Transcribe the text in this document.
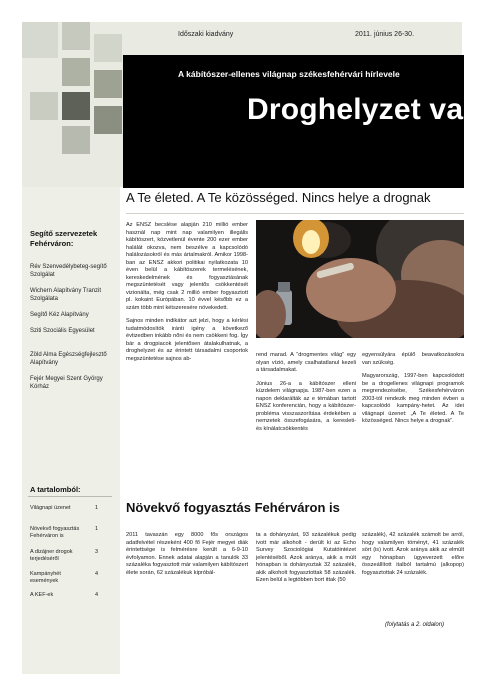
Időszaki kiadvány	2011. június 26-30.
A kábítószer-ellenes világnap székesfehérvári hírlevele
Droghelyzet van
Segítő szervezetek Fehérváron:
Rév Szenvedélybeteg-segítő Szolgálat
Wichern Alapítvány Tranzit Szolgálata
Segítő Kéz Alapítvány
Sziti Szociális Egyesület
Zöld Alma Egészségfejlesztő Alapítvány
Fejér Megyei Szent György Kórház
A tartalomból:
Világnapi üzenet	1
Növekvő fogyasztás Fehérváron is
1
A dizájner drogok terjedéséről
3
Kampányhét események
4
A KEF-ek	4
A Te életed. A Te közösséged. Nincs helye a drognak

Az ENSZ becslése alapján 210 millió ember használ nap mint nap valamilyen illegális kábítószert, közvetlenül évente 200 ezer ember halálát okozva, nem beszélve a kapcsolódó halálozásokról és más ártalmakról. Amikor 1998-ban az ENSZ akkori politikai nyilatkozata 10 éven belül a kábítószerek termelésének, kereskedelmének és fogyasztásának megszüntetését vagy jelentős csökkentését vizionálta, még csak 2 millió ember fogyasztott pl. kokaint Európában. 10 évvel később ez a szám több mint kétszeresére növekedett.

Sajnos minden indikátor azt jelzi, hogy a kérlési tudatmódosítók iránti igény a következő évtizedben inkább nőni és nem csökkeni fog. Így bár a drogpiacok jelentősen átalakulhatnak, a droghelyzet és az érintett társadalmi csoportok megszüntetése sajnos ab-

rend marad. A “drogmentes világ” egy olyan vízió, amely csalhatatlanul kezeli a társadalmakat.

Június 26-a a kábítószer elleni küzdelem világnapja. 1987-ben ezen a napon deklarálták az e témában tartott ENSZ konferencián, hogy a kábítószer-probléma visszaszorítása érdekében a nemzetek összefogására, a keresleti- és kínálatcsökkentés

egyensúlyára épülő beavatkozásokra van szükség.

Magyarország, 1997-ben kapcsolódott be a drogellenes világnapi programok megrendezésébe, Székesfehérváron 2003-tól rendezik meg minden évben a kapcsolódó kampány-hetet. Az idei világnapi üzenet: „A Te életed. A Te közösséged. Nincs helye a drognak”.

Növekvő fogyasztás Fehérváron is

2011 tavaszán egy 8000 fős országos adatfelvétel részeként 400 fő Fejér megyei diák érintettsége is felmérésre került a 6-9-10 évfolyamon. Ennek adatai alapján a tanulók 33 százaléka fogyasztott már valamilyen kábítószert élete során, 62 százalékuk kipróbál-

ta a dohányzást, 93 százalékuk pedig ivott már alkoholt - derült ki az Echo Survey Szociológiai Kutatóintézet jelentéséből. Azok aránya, akik a múlt hónapban is dohányoztak 32 százalék, akik alkoholt fogyasztottak 58 százalék. Ezen belül a legtöbben bort ittak (50

százalék), 42 százalék számolt be arról, hogy valamilyen töményt, 41 százalék sört (is) ivott. Azok aránya akik az elmúlt egy hónapban ügyeverzett előre összeállított italból tartalmú (alkopop) fogyasztottak 24 százalék.

(folytatás a 2. oldalon)
